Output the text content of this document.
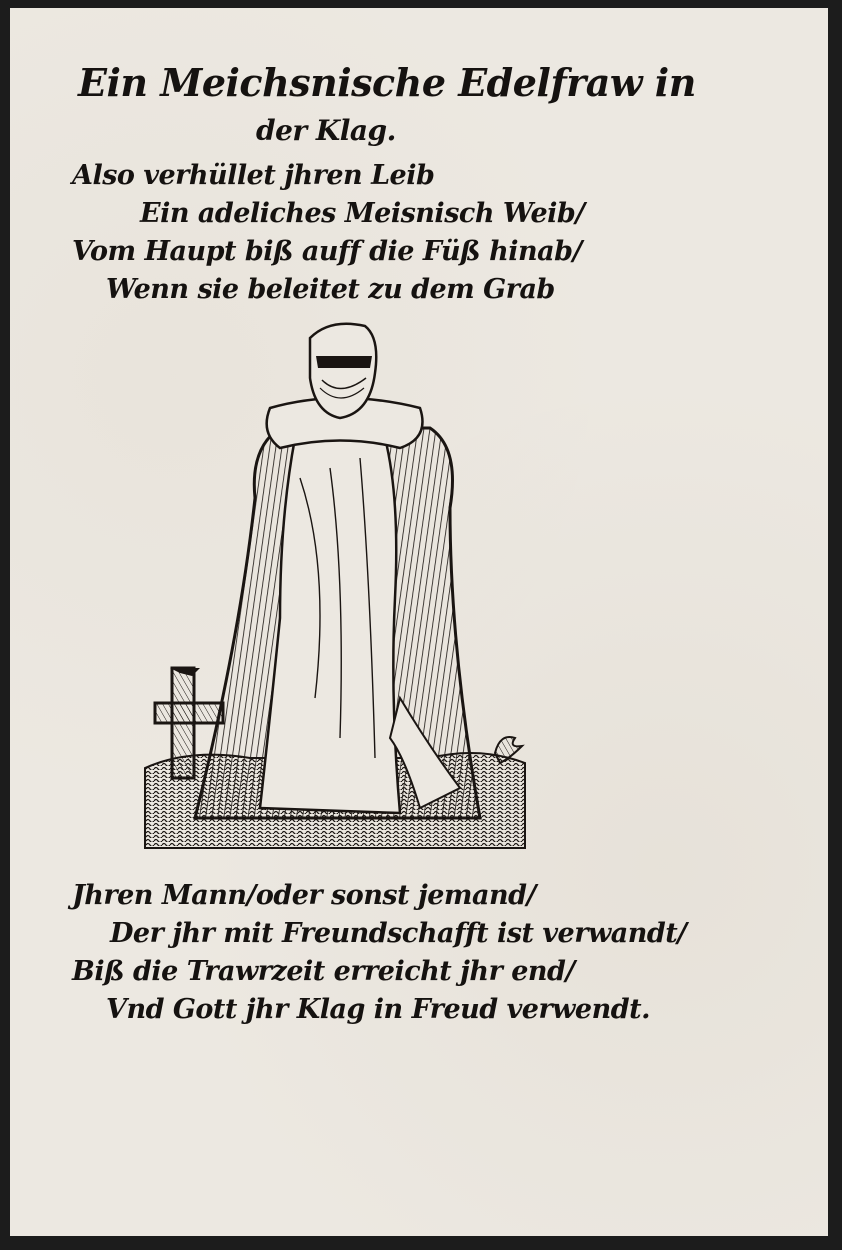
Ein Meichsnische Edelfraw in
der Klag.
Also verhüllet jhren Leib
Ein adeliches Meisnisch Weib/
Vom Haupt biß auff die Füß hinab/
Wenn sie beleitet zu dem Grab
Jhren Mann/oder sonst jemand/
Der jhr mit Freundschafft ist verwandt/
Biß die Trawrzeit erreicht jhr end/
Vnd Gott jhr Klag in Freud verwendt.
